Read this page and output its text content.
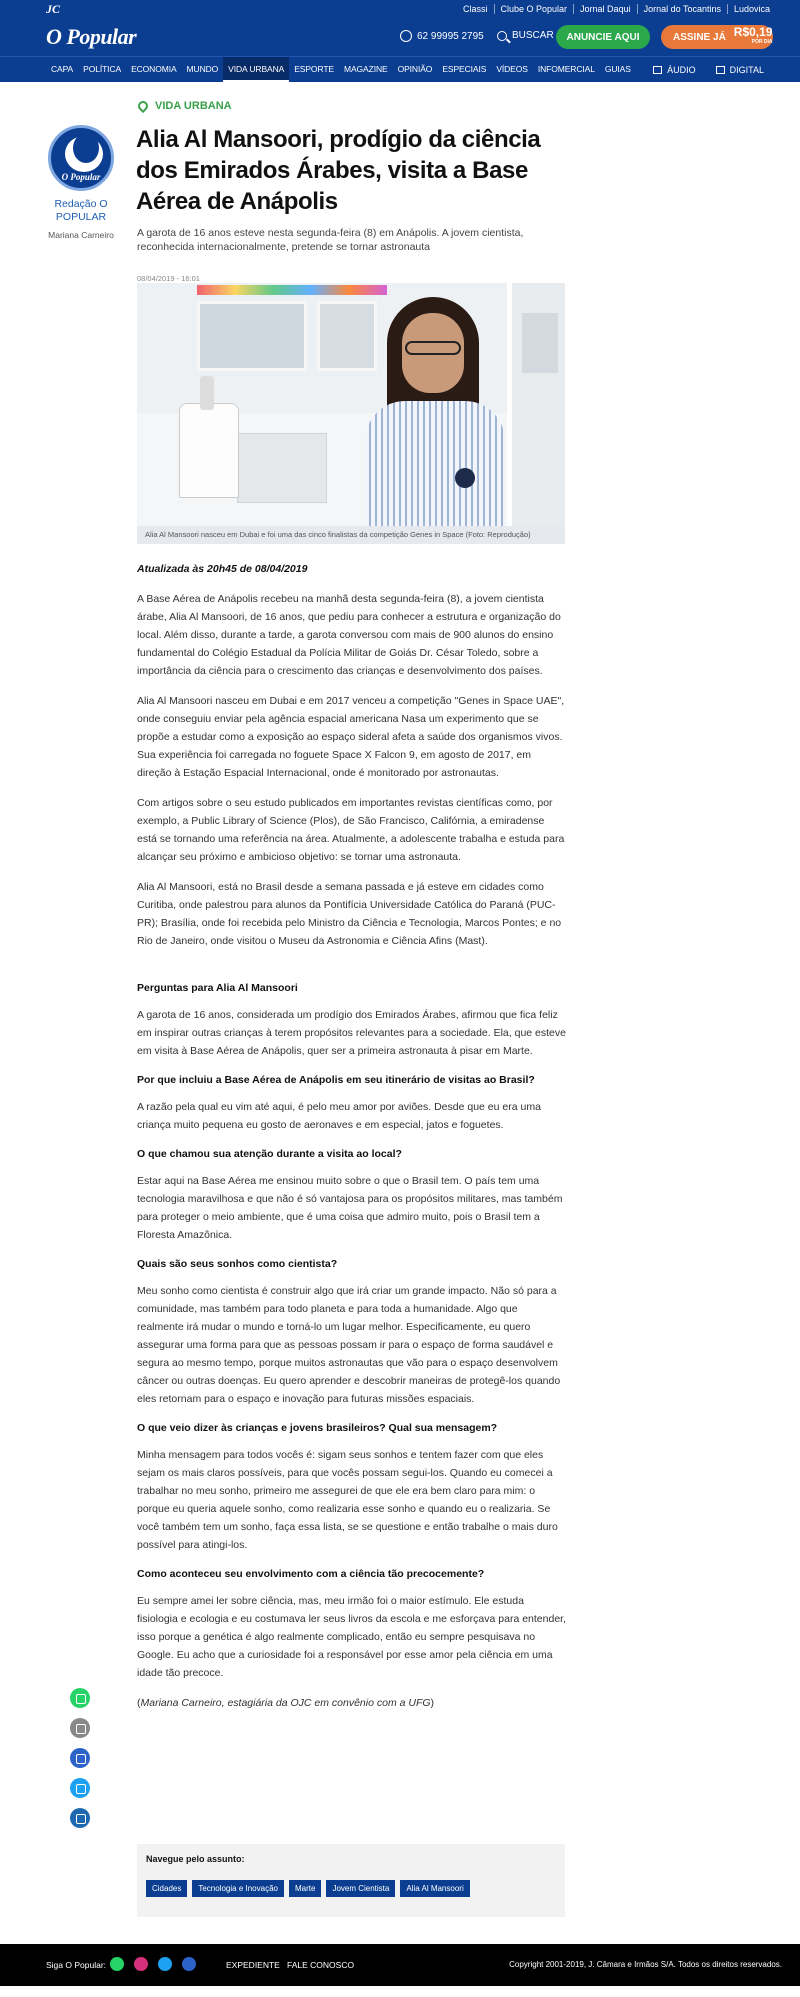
JC	Classi	Clube O Popular	Jornal Daqui	Jornal do Tocantins	Ludovica
O Popular	62 99995 2795	BUSCAR	ANUNCIE AQUI	ASSINE JÁ R$0,19
POR DIA
CAPA	POLÍTICA	ECONOMIA	MUNDO	VIDA URBANA	ESPORTE	MAGAZINE	OPINIÃO	ESPECIAIS	VÍDEOS	INFOMERCIAL	GUIAS	ÁUDIO	DIGITAL
O Popular
Redação O POPULAR
Mariana Carneiro
VIDA URBANA
Alia Al Mansoori, prodígio da ciência dos Emirados Árabes, visita a Base Aérea de Anápolis

A garota de 16 anos esteve nesta segunda-feira (8) em Anápolis. A jovem cientista, reconhecida internacionalmente, pretende se tornar astronauta

08/04/2019 - 16:01
Alia Al Mansoori nasceu em Dubai e foi uma das cinco finalistas da competição Genes in Space (Foto: Reprodução)
Atualizada às 20h45 de 08/04/2019

A Base Aérea de Anápolis recebeu na manhã desta segunda-feira (8), a jovem cientista árabe, Alia Al Mansoori, de 16 anos, que pediu para conhecer a estrutura e organização do local. Além disso, durante a tarde, a garota conversou com mais de 900 alunos do ensino fundamental do Colégio Estadual da Polícia Militar de Goiás Dr. César Toledo, sobre a importância da ciência para o crescimento das crianças e desenvolvimento dos países.

Alia Al Mansoori nasceu em Dubai e em 2017 venceu a competição "Genes in Space UAE", onde conseguiu enviar pela agência espacial americana Nasa um experimento que se propõe a estudar como a exposição ao espaço sideral afeta a saúde dos organismos vivos. Sua experiência foi carregada no foguete Space X Falcon 9, em agosto de 2017, em direção à Estação Espacial Internacional, onde é monitorado por astronautas.

Com artigos sobre o seu estudo publicados em importantes revistas científicas como, por exemplo, a Public Library of Science (Plos), de São Francisco, Califórnia, a emiradense está se tornando uma referência na área. Atualmente, a adolescente trabalha e estuda para alcançar seu próximo e ambicioso objetivo: se tornar uma astronauta.

Alia Al Mansoori, está no Brasil desde a semana passada e já esteve em cidades como Curitiba, onde palestrou para alunos da Pontifícia Universidade Católica do Paraná (PUC-PR); Brasília, onde foi recebida pelo Ministro da Ciência e Tecnologia, Marcos Pontes; e no Rio de Janeiro, onde visitou o Museu da Astronomia e Ciência Afins (Mast).

Perguntas para Alia Al Mansoori

A garota de 16 anos, considerada um prodígio dos Emirados Árabes, afirmou que fica feliz em inspirar outras crianças à terem propósitos relevantes para a sociedade. Ela, que esteve em visita à Base Aérea de Anápolis, quer ser a primeira astronauta à pisar em Marte.

Por que incluiu a Base Aérea de Anápolis em seu itinerário de visitas ao Brasil?

A razão pela qual eu vim até aqui, é pelo meu amor por aviões. Desde que eu era uma criança muito pequena eu gosto de aeronaves e em especial, jatos e foguetes.

O que chamou sua atenção durante a visita ao local?

Estar aqui na Base Aérea me ensinou muito sobre o que o Brasil tem. O país tem uma tecnologia maravilhosa e que não é só vantajosa para os propósitos militares, mas também para proteger o meio ambiente, que é uma coisa que admiro muito, pois o Brasil tem a Floresta Amazônica.

Quais são seus sonhos como cientista?

Meu sonho como cientista é construir algo que irá criar um grande impacto. Não só para a comunidade, mas também para todo planeta e para toda a humanidade. Algo que realmente irá mudar o mundo e torná-lo um lugar melhor. Especificamente, eu quero assegurar uma forma para que as pessoas possam ir para o espaço de forma saudável e segura ao mesmo tempo, porque muitos astronautas que vão para o espaço desenvolvem câncer ou outras doenças. Eu quero aprender e descobrir maneiras de protegê-los quando eles retornam para o espaço e inovação para futuras missões espaciais.

O que veio dizer às crianças e jovens brasileiros? Qual sua mensagem?

Minha mensagem para todos vocês é: sigam seus sonhos e tentem fazer com que eles sejam os mais claros possíveis, para que vocês possam segui-los. Quando eu comecei a trabalhar no meu sonho, primeiro me assegurei de que ele era bem claro para mim: o porque eu queria aquele sonho, como realizaria esse sonho e quando eu o realizaria. Se você também tem um sonho, faça essa lista, se se questione e então trabalhe o mais duro possível para atingi-los.

Como aconteceu seu envolvimento com a ciência tão precocemente?

Eu sempre amei ler sobre ciência, mas, meu irmão foi o maior estímulo. Ele estuda fisiologia e ecologia e eu costumava ler seus livros da escola e me esforçava para entender, isso porque a genética é algo realmente complicado, então eu sempre pesquisava no Google. Eu acho que a curiosidade foi a responsável por esse amor pela ciência em uma idade tão precoce.

(Mariana Carneiro, estagiária da OJC em convênio com a UFG)

Navegue pelo assunto:
Cidades	Tecnologia e Inovação	Marte	Jovem Cientista	Alia Al Mansoori
Siga O Popular:	EXPEDIENTE FALE CONOSCO	Copyright 2001-2019, J. Câmara e Irmãos S/A. Todos os direitos reservados.
